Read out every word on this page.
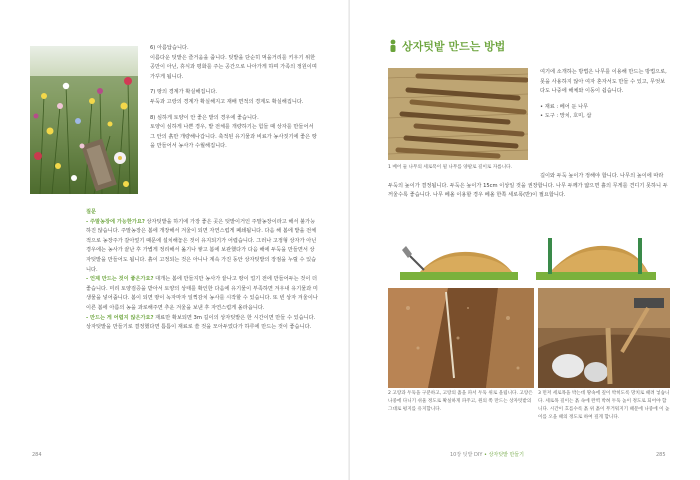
6) 아름답습니다.

이름다운 텃밭은 즐거움을 줍니다. 텃밭을 단순히 먹을거리를 키우기 위한 공만이 아닌, 휴식과 평화를 주는 공간으로 나아가게 하며 가족의 정원이며 가꾸게 됩니다.

7) 땅의 경계가 확실해집니다.

두둑과 고랑의 경계가 확실해지고 재배 면적의 경계도 확실해집니다.

8) 심하게 토양이 안 좋은 밭의 경우에 좋습니다.

토양이 심하게 나쁜 경우, 밭 전체를 개량하기는 힘들 때 상자를 만들어서 그 안의 흙만 개량해나갑니다. 축적된 유기물과 비료가 농사짓기에 좋은 땅을 만들어서 농사가 수월해집니다.

질문

- 주말농장에 가능한가요? 상자텃밭을 하기에 가장 좋은 곳은 텃밭이거인 주말농장이라고 해서 불가능하진 않습니다. 주말농장은 봄에 개장해서 겨울이 되면 자연스럽게 폐쇄됩니다. 다음 해 봄에 밭을 전체적으로 농장주가 갈아엎기 때문에 설치해놓은 것이 유지되기가 어렵습니다. 그러나 고정형 상자가 아닌 경우에는 농사가 끝난 후 가볍게 정리해서 옮기나 쌓고 봄에 보관했다가 다음 해에 두둑을 만들면서 상자텃밭을 만들어도 됩니다. 흙이 고정되는 것은 아니나 계속 가진 동안 상자텃밭의 장점을 누릴 수 있습니다.

- 언제 만드는 것이 좋은가요? 대개는 봄에 만들지만 농사가 끝나고 땅이 얼기 전에 만들어두는 것이 더 좋습니다. 미리 토양검증을 받아서 토양의 상태를 확인한 다음에 유기물이 부족하면 겨우내 유기물과 미생물을 넣어줍니다. 봄이 되면 땅이 녹자마자 일찍감치 농사를 시작할 수 있습니다. 또 빈 상자 겨울이나 이른 봄에 아름의 농을 과로해주면 추운 겨울을 보낸 후 자연스럽게 올라옵니다.

- 만드는 게 어렵지 않은가요? 재료만 확보되면 3m 길이의 상자텃밭은 한 시간이면 만들 수 있습니다. 상자텃밭을 만들기로 결정했다면 틈틈이 재료로 쓸 것을 모아두었다가 하루에 만드는 것이 좋습니다.

284
상자텃밭 만드는 방법
1 베어 둘 나무의 세로폭이 될 나무를 양팔로 길이로 자릅니다.

여기에 소개하는 방법은 나무를 이용해 만드는 방법으로, 못을 사용하지 않아 여자 혼자서도 만들 수 있고, 무엇보다도 나중에 해체와 이동이 쉽습니다.

• 재료 : 베어 둔 나무

• 도구 : 망치, 호미, 삽

길이와 두둑 높이가 정해야 합니다. 나무의 높이에 따라 두둑의 높이가 결정됩니다. 두둑은 높이가 15cm 이상일 것을 권장합니다. 나무 두께가 얇으면 흙의 무게를 견디기 못하니 두꺼울수록 좋습니다. 나무 베올 이용할 경우 베올 한쪽 세로폭(반)이 필요합니다.

2 고랑과 두둑을 구분하고, 고랑의 흙을 파서 두둑 위로 올립니다. 고랑은 나중에 다니기 쉬울 정도로 확실하게 파주고, 원의 쪽 만드는 상자텃밭의 그대로 평지를 유지합니다.
3 먼저 세로목을 박는데 땅속에 깊이 박히도록 망치로 때려 넣습니다. 세로목 길이는 흙 속에 완벽 박혀 두둑 높이 정도로 되어야 합니다. 시간이 흐를수록 흙 위 흙이 무거워지기 때문에 나중에 이 높이를 오을 때의 정도로 하여 깊게 합니다.
10장 텃밭 DIY • 상자텃밭 만들기	285
